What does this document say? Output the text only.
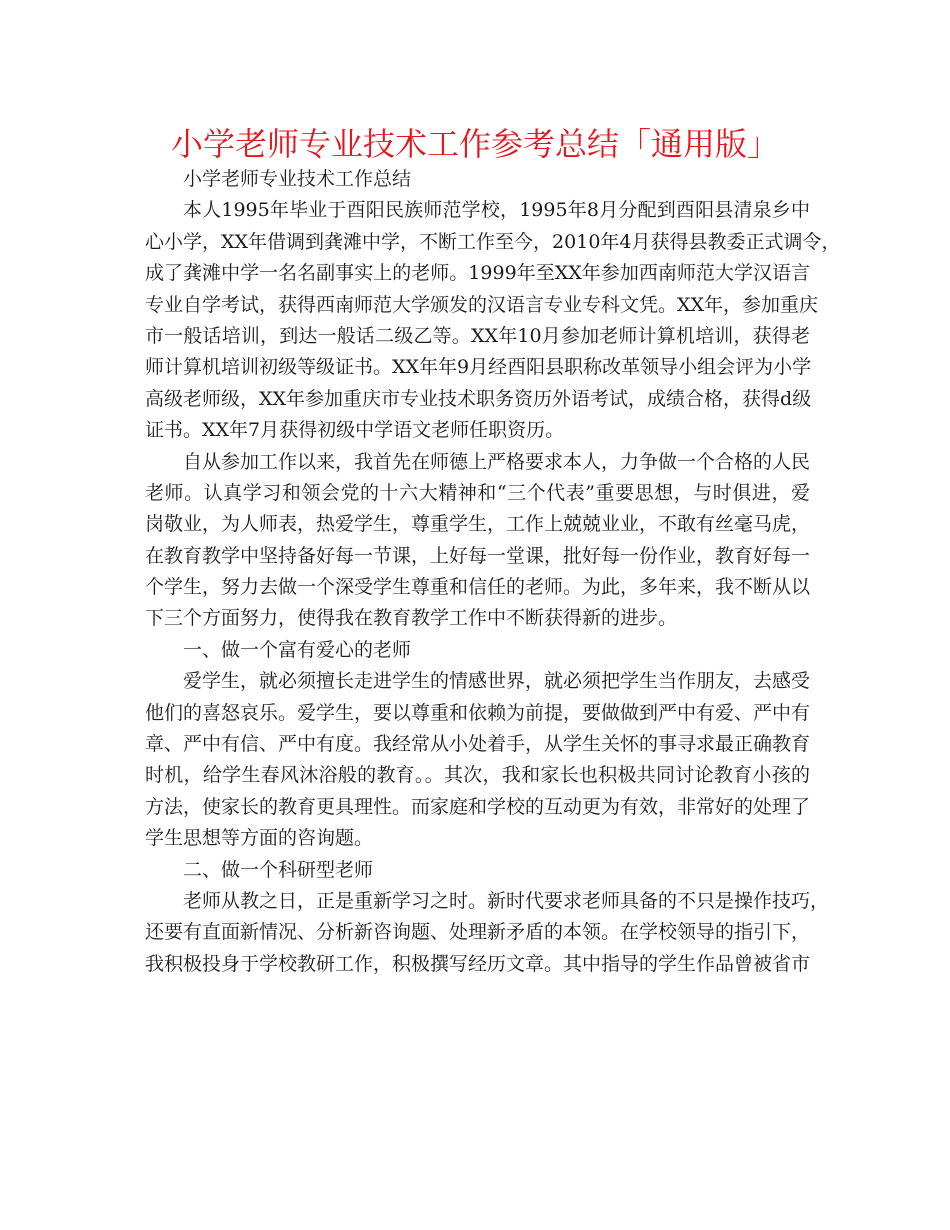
小学老师专业技术工作参考总结「通用版」
小学老师专业技术工作总结
本人1995年毕业于酉阳民族师范学校，1995年8月分配到酉阳县清泉乡中
心小学，XX年借调到龚滩中学，不断工作至今，2010年4月获得县教委正式调令，
成了龚滩中学一名名副事实上的老师。1999年至XX年参加西南师范大学汉语言
专业自学考试，获得西南师范大学颁发的汉语言专业专科文凭。XX年，参加重庆
市一般话培训，到达一般话二级乙等。XX年10月参加老师计算机培训，获得老
师计算机培训初级等级证书。XX年年9月经酉阳县职称改革领导小组会评为小学
高级老师级，XX年参加重庆市专业技术职务资历外语考试，成绩合格，获得d级
证书。XX年7月获得初级中学语文老师任职资历。
自从参加工作以来，我首先在师德上严格要求本人，力争做一个合格的人民
老师。认真学习和领会党的十六大精神和“三个代表”重要思想，与时俱进，爱
岗敬业，为人师表，热爱学生，尊重学生，工作上兢兢业业，不敢有丝毫马虎，
在教育教学中坚持备好每一节课，上好每一堂课，批好每一份作业，教育好每一
个学生，努力去做一个深受学生尊重和信任的老师。为此，多年来，我不断从以
下三个方面努力，使得我在教育教学工作中不断获得新的进步。
一、做一个富有爱心的老师
爱学生，就必须擅长走进学生的情感世界，就必须把学生当作朋友，去感受
他们的喜怒哀乐。爱学生，要以尊重和依赖为前提，要做做到严中有爱、严中有
章、严中有信、严中有度。我经常从小处着手，从学生关怀的事寻求最正确教育
时机，给学生春风沐浴般的教育。。其次，我和家长也积极共同讨论教育小孩的
方法，使家长的教育更具理性。而家庭和学校的互动更为有效，非常好的处理了
学生思想等方面的咨询题。
二、做一个科研型老师
老师从教之日，正是重新学习之时。新时代要求老师具备的不只是操作技巧，
还要有直面新情况、分析新咨询题、处理新矛盾的本领。在学校领导的指引下，
我积极投身于学校教研工作，积极撰写经历文章。其中指导的学生作品曾被省市
